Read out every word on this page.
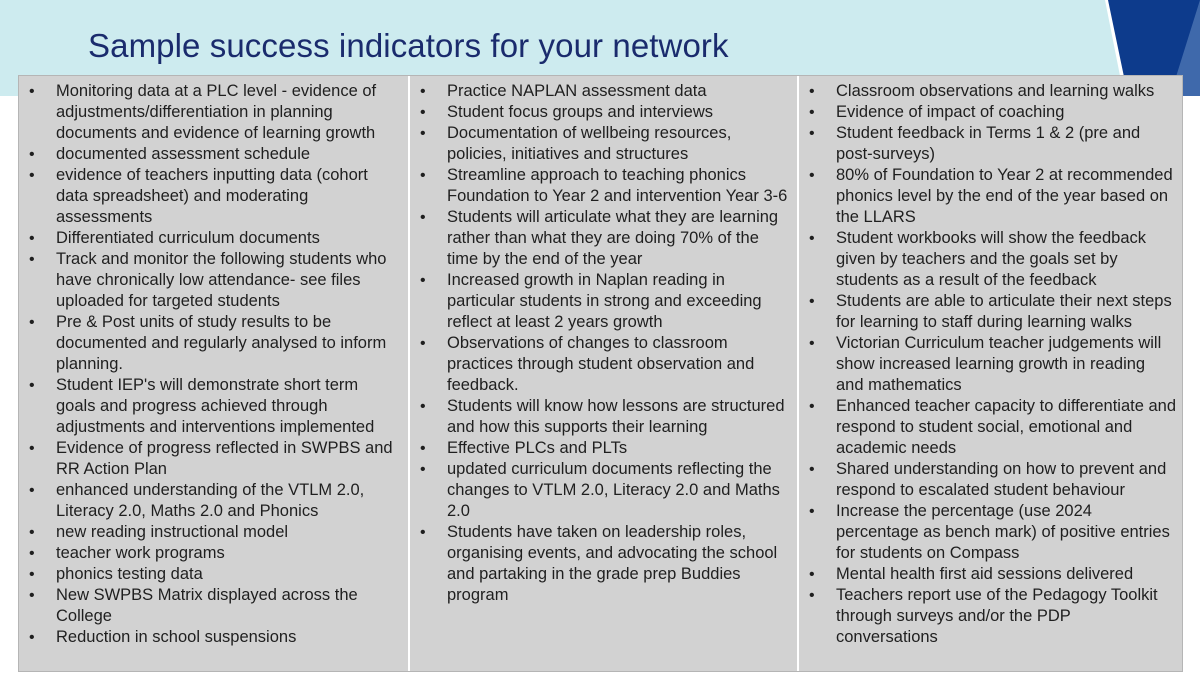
Sample success indicators for your network
• Monitoring data at a PLC level - evidence of adjustments/differentiation in planning documents and evidence of learning growth
• documented assessment schedule
• evidence of teachers inputting data (cohort data spreadsheet) and moderating assessments
• Differentiated curriculum documents
• Track and monitor the following students who have chronically low attendance- see files uploaded for targeted students
• Pre & Post units of study results to be documented and regularly analysed to inform planning.
• Student IEP's will demonstrate short term goals and progress achieved through adjustments and interventions implemented
• Evidence of progress reflected in SWPBS and RR Action Plan
• enhanced understanding of the VTLM 2.0, Literacy 2.0, Maths 2.0 and Phonics
• new reading instructional model
• teacher work programs
• phonics testing data
• New SWPBS Matrix displayed across the College
• Reduction in school suspensions
• Practice NAPLAN assessment data
• Student focus groups and interviews
• Documentation of wellbeing resources, policies, initiatives and structures
• Streamline approach to teaching phonics Foundation to Year 2 and intervention Year 3-6
• Students will articulate what they are learning rather than what they are doing 70% of the time by the end of the year
• Increased growth in Naplan reading in particular students in strong and exceeding reflect at least 2 years growth
• Observations of changes to classroom practices through student observation and feedback.
• Students will know how lessons are structured and how this supports their learning
• Effective PLCs and PLTs
• updated curriculum documents reflecting the changes to VTLM 2.0, Literacy 2.0 and Maths 2.0
• Students have taken on leadership roles, organising events, and advocating the school and partaking in the grade prep Buddies program
• Classroom observations and learning walks
• Evidence of impact of coaching
• Student feedback in Terms 1 & 2 (pre and post-surveys)
• 80% of Foundation to Year 2 at recommended phonics level by the end of the year based on the LLARS
• Student workbooks will show the feedback given by teachers and the goals set by students as a result of the feedback
• Students are able to articulate their next steps for learning to staff during learning walks
• Victorian Curriculum teacher judgements will show increased learning growth in reading and mathematics
• Enhanced teacher capacity to differentiate and respond to student social, emotional and academic needs
• Shared understanding on how to prevent and respond to escalated student behaviour
• Increase the percentage (use 2024 percentage as bench mark) of positive entries for students on Compass
• Mental health first aid sessions delivered
• Teachers report use of the Pedagogy Toolkit through surveys and/or the PDP conversations
